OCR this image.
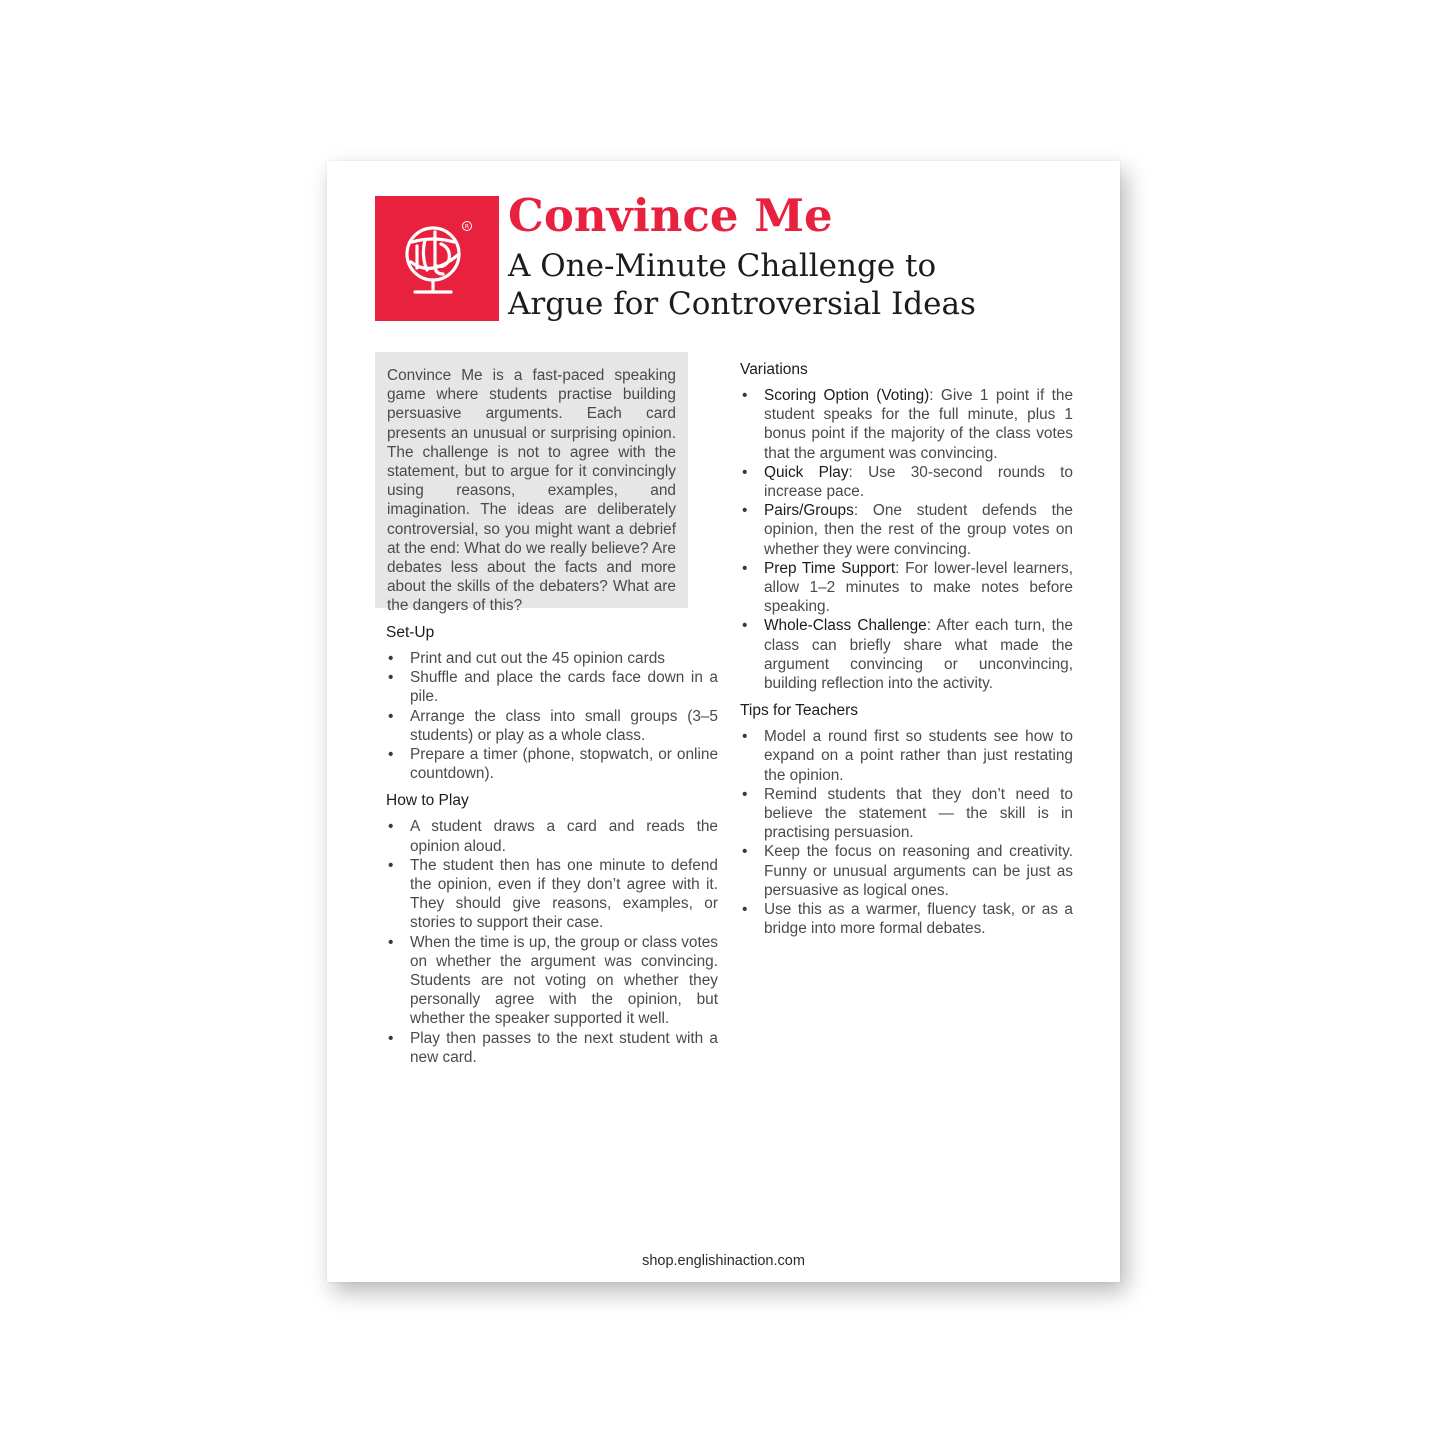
R Convince Me
A One-Minute Challenge to
Argue for Controversial Ideas

Convince Me is a fast-paced speaking game where students practise building persuasive arguments. Each card presents an unusual or surprising opinion. The challenge is not to agree with the statement, but to argue for it convincingly using reasons, examples, and imagination. The ideas are deliberately controversial, so you might want a debrief at the end: What do we really believe? Are debates less about the facts and more about the skills of the debaters? What are the dangers of this?

Set-Up
• Print and cut out the 45 opinion cards
• Shuffle and place the cards face down in a pile.
• Arrange the class into small groups (3–5 students) or play as a whole class.
• Prepare a timer (phone, stopwatch, or online countdown).
How to Play
• A student draws a card and reads the opinion aloud.
• The student then has one minute to defend the opinion, even if they don’t agree with it. They should give reasons, examples, or stories to support their case.
• When the time is up, the group or class votes on whether the argument was convincing. Students are not voting on whether they personally agree with the opinion, but whether the speaker supported it well.
• Play then passes to the next student with a new card.
Variations
• Scoring Option (Voting): Give 1 point if the student speaks for the full minute, plus 1 bonus point if the majority of the class votes that the argument was convincing.
• Quick Play: Use 30-second rounds to increase pace.
• Pairs/Groups: One student defends the opinion, then the rest of the group votes on whether they were convincing.
• Prep Time Support: For lower-level learners, allow 1–2 minutes to make notes before speaking.
• Whole-Class Challenge: After each turn, the class can briefly share what made the argument convincing or unconvincing, building reflection into the activity.
Tips for Teachers
• Model a round first so students see how to expand on a point rather than just restating the opinion.
• Remind students that they don’t need to believe the statement — the skill is in practising persuasion.
• Keep the focus on reasoning and creativity. Funny or unusual arguments can be just as persuasive as logical ones.
• Use this as a warmer, fluency task, or as a bridge into more formal debates.
shop.englishinaction.com
